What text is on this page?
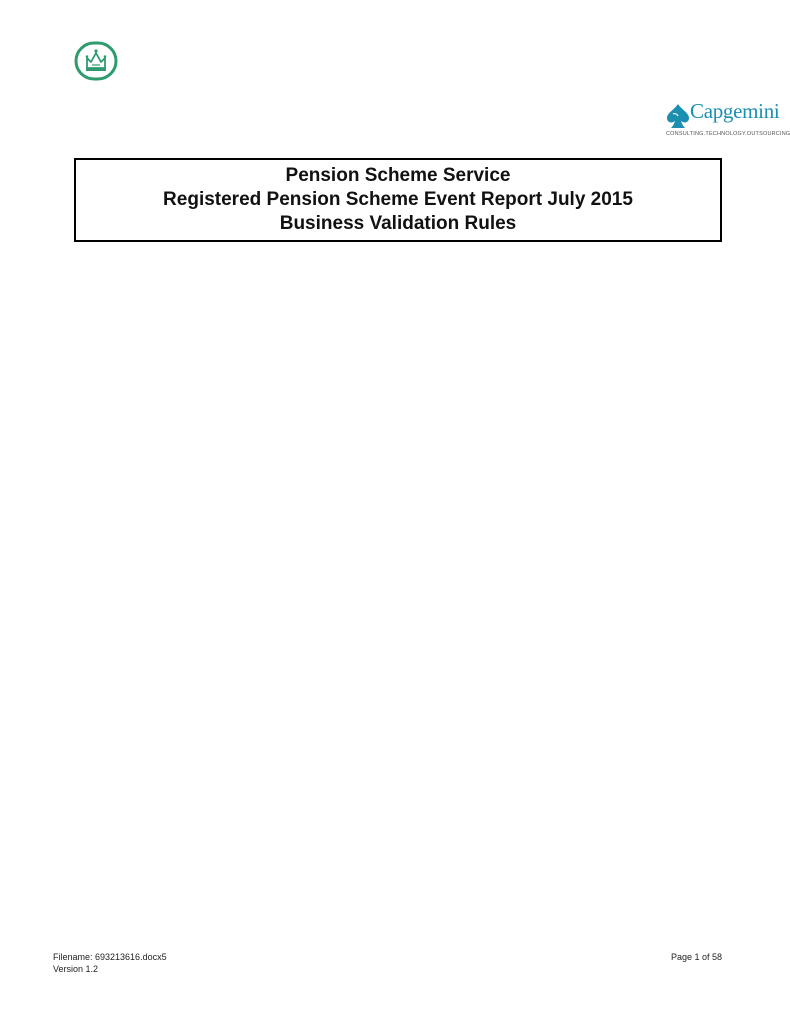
Capgemini
CONSULTING.TECHNOLOGY.OUTSOURCING
Pension Scheme Service
Registered Pension Scheme Event Report July 2015
Business Validation Rules
Filename: 693213616.docx5
Version 1.2
Page 1 of 58
